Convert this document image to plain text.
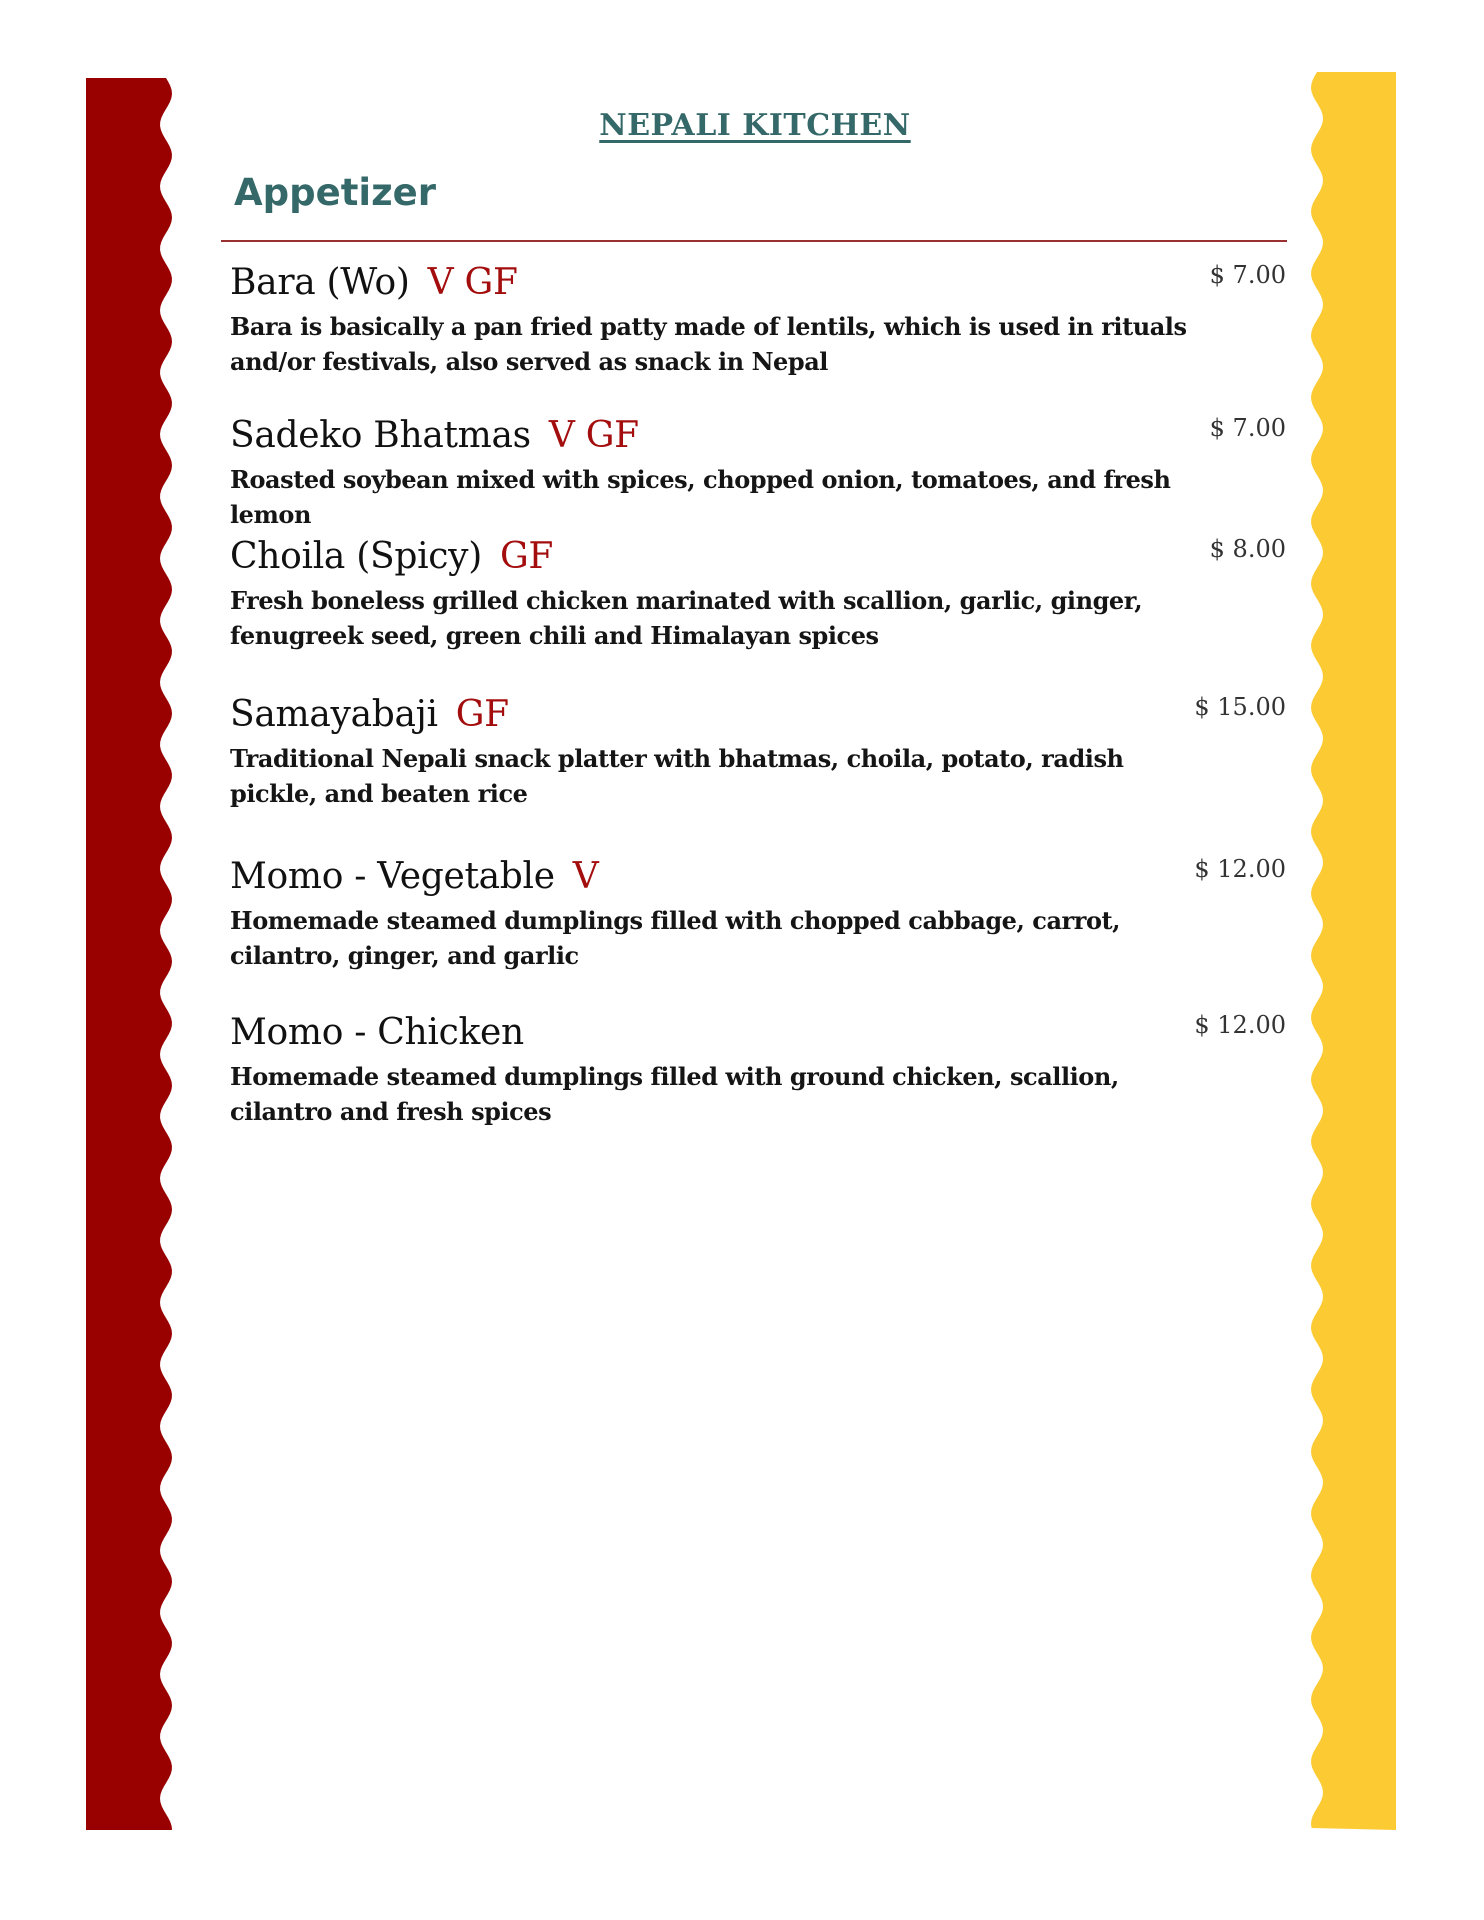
NEPALI KITCHEN
Appetizer
Bara (Wo) V GF
Bara is basically a pan fried patty made of lentils, which is used in rituals and/or festivals, also served as snack in Nepal
$ 7.00
Sadeko Bhatmas V GF
Roasted soybean mixed with spices, chopped onion, tomatoes, and fresh lemon
$ 7.00
Choila (Spicy) GF
Fresh boneless grilled chicken marinated with scallion, garlic, ginger, fenugreek seed, green chili and Himalayan spices
$ 8.00
Samayabaji GF
Traditional Nepali snack platter with bhatmas, choila, potato, radish pickle, and beaten rice
$ 15.00
Momo - Vegetable V
Homemade steamed dumplings filled with chopped cabbage, carrot, cilantro, ginger, and garlic
$ 12.00
Momo - Chicken
Homemade steamed dumplings filled with ground chicken, scallion, cilantro and fresh spices
$ 12.00
